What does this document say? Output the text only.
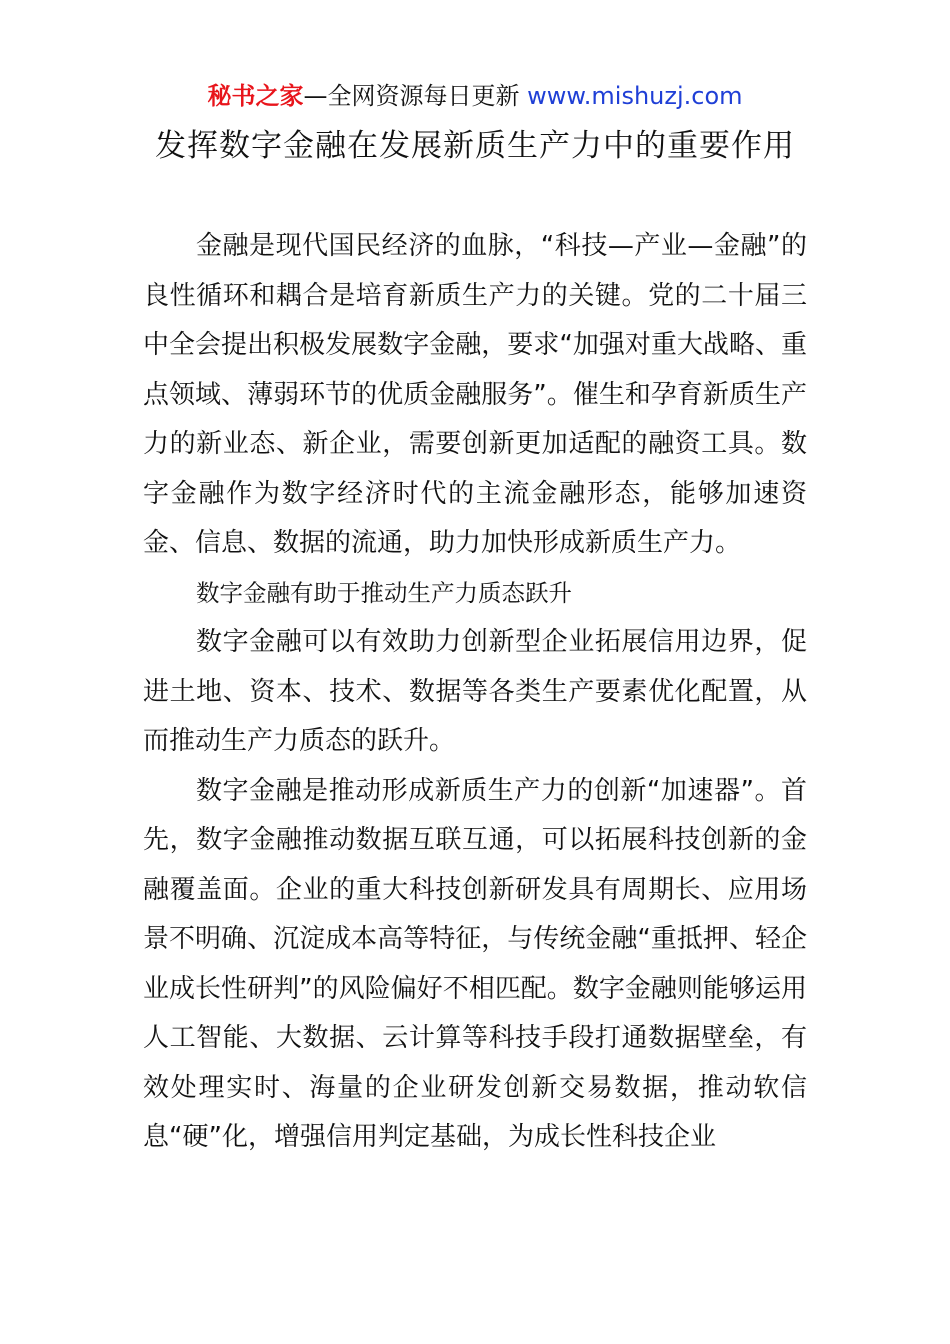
秘书之家—全网资源每日更新 www.mishuzj.com
发挥数字金融在发展新质生产力中的重要作用

金融是现代国民经济的血脉，“科技—产业—金融”的良性循环和耦合是培育新质生产力的关键。党的二十届三中全会提出积极发展数字金融，要求“加强对重大战略、重点领域、薄弱环节的优质金融服务”。催生和孕育新质生产力的新业态、新企业，需要创新更加适配的融资工具。数字金融作为数字经济时代的主流金融形态，能够加速资金、信息、数据的流通，助力加快形成新质生产力。

数字金融有助于推动生产力质态跃升

数字金融可以有效助力创新型企业拓展信用边界，促进土地、资本、技术、数据等各类生产要素优化配置，从而推动生产力质态的跃升。

数字金融是推动形成新质生产力的创新“加速器”。首先，数字金融推动数据互联互通，可以拓展科技创新的金融覆盖面。企业的重大科技创新研发具有周期长、应用场景不明确、沉淀成本高等特征，与传统金融“重抵押、轻企业成长性研判”的风险偏好不相匹配。数字金融则能够运用人工智能、大数据、云计算等科技手段打通数据壁垒，有效处理实时、海量的企业研发创新交易数据，推动软信息“硬”化，增强信用判定基础，为成长性科技企业
